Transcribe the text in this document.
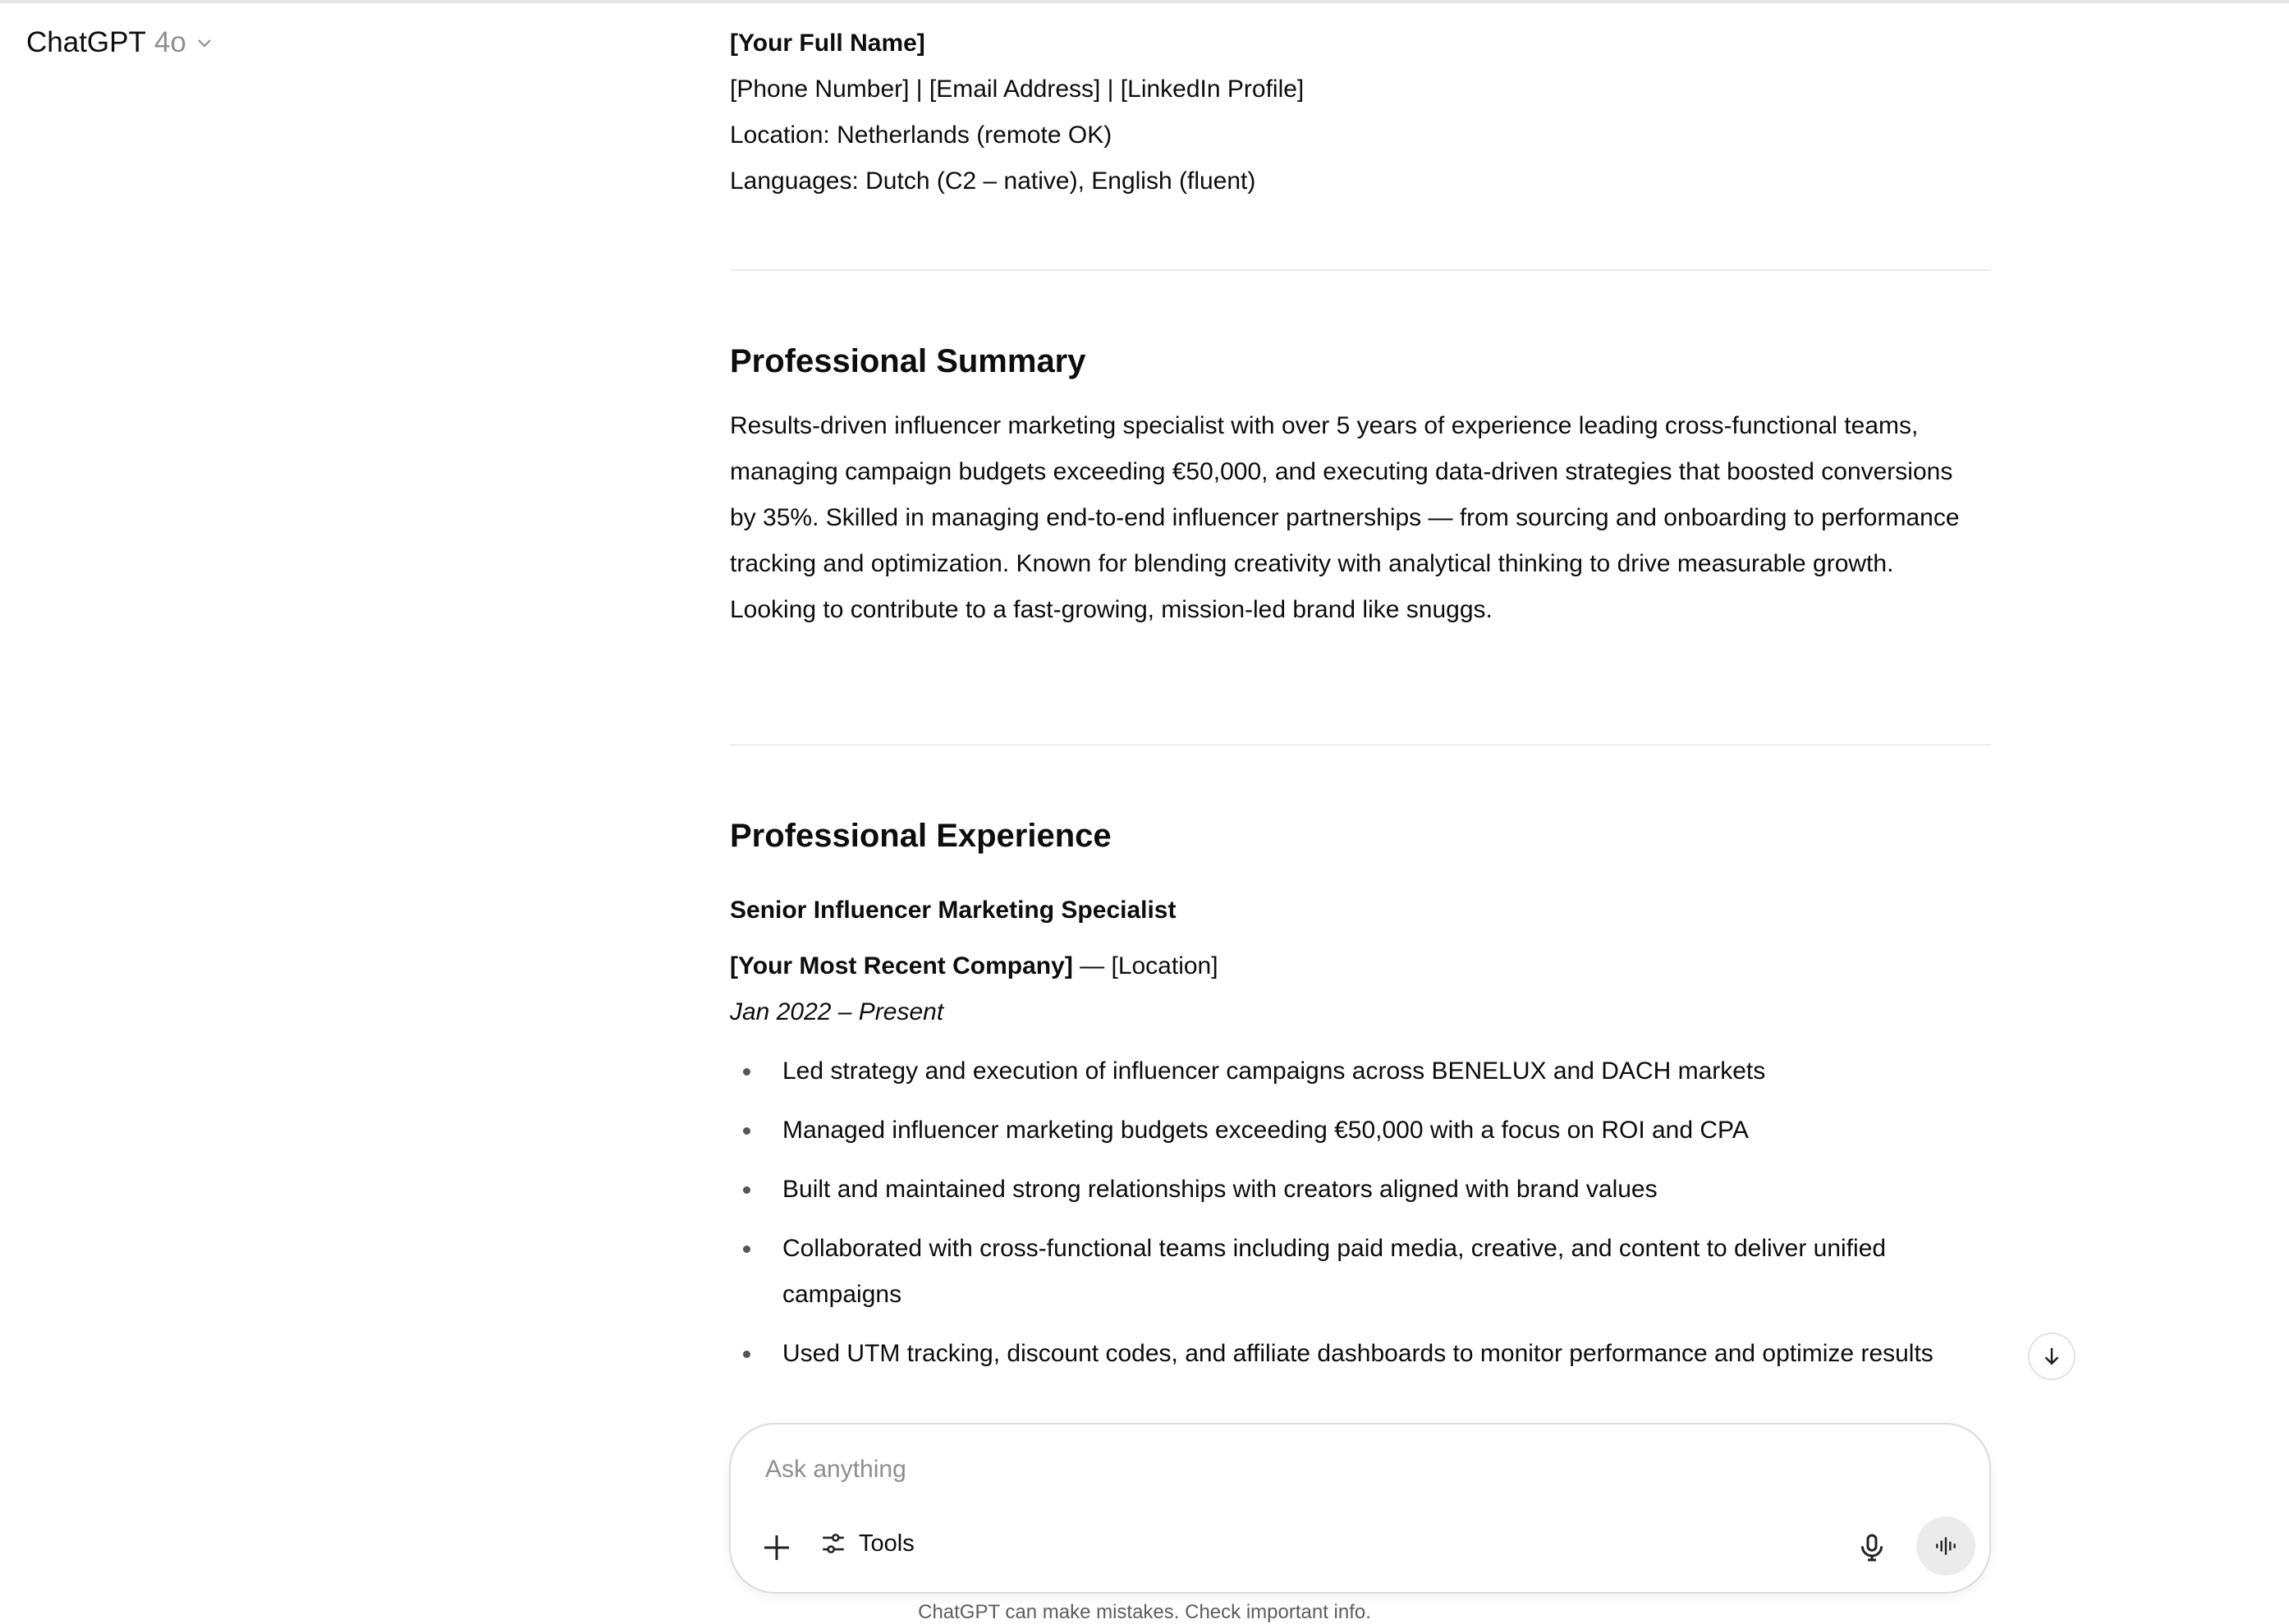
ChatGPT 4o	[Your Full Name]
[Phone Number] | [Email Address] | [LinkedIn Profile]
Location: Netherlands (remote OK)
Languages: Dutch (C2 – native), English (fluent)
Professional Summary

Results-driven influencer marketing specialist with over 5 years of experience leading cross-functional teams, managing campaign budgets exceeding €50,000, and executing data-driven strategies that boosted conversions by 35%. Skilled in managing end-to-end influencer partnerships — from sourcing and onboarding to performance tracking and optimization. Known for blending creativity with analytical thinking to drive measurable growth. Looking to contribute to a fast-growing, mission-led brand like snuggs.

Professional Experience
Senior Influencer Marketing Specialist
[Your Most Recent Company] — [Location]
Jan 2022 – Present
Led strategy and execution of influencer campaigns across BENELUX and DACH markets
Managed influencer marketing budgets exceeding €50,000 with a focus on ROI and CPA
Built and maintained strong relationships with creators aligned with brand values
Collaborated with cross-functional teams including paid media, creative, and content to deliver unified campaigns
Used UTM tracking, discount codes, and affiliate dashboards to monitor performance and optimize results
Ask anything
Tools
ChatGPT can make mistakes. Check important info.
